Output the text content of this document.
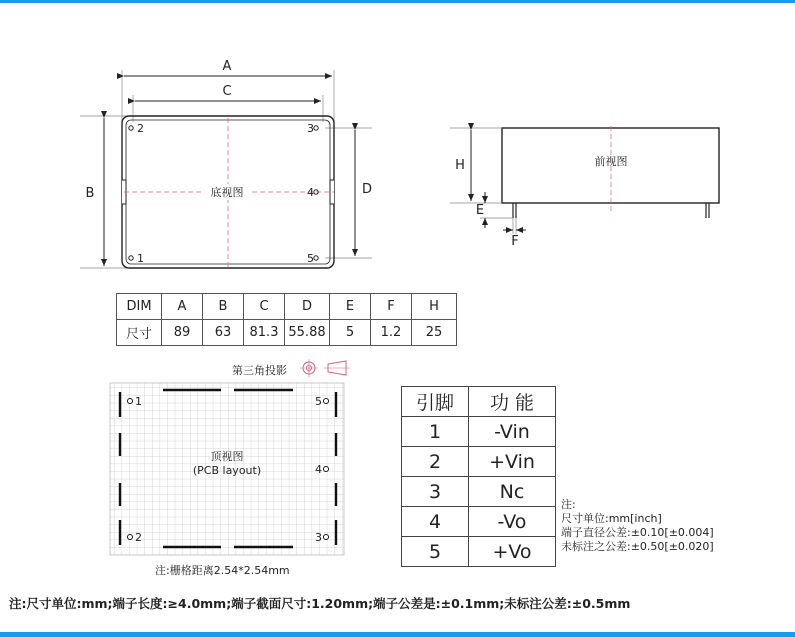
A
C
B	D
2	3
4
1	5
底视图
H
E
F
前视图
1
2	3
4
5
顶视图
(PCB layout)
DIM	A	B	C	D	E	F	H
尺寸	89	63	81.3	55.88	5	1.2	25
第三角投影
注:栅格距离2.54*2.54mm
引脚	功 能
1	-Vin
2	+Vin
3	Nc
4	-Vo
5	+Vo
注:
尺寸单位:mm[inch]
端子直径公差:±0.10[±0.004]
未标注之公差:±0.50[±0.020]
注:尺寸单位:mm;端子长度:≥4.0mm;端子截面尺寸:1.20mm;端子公差是:±0.1mm;未标注公差:±0.5mm
